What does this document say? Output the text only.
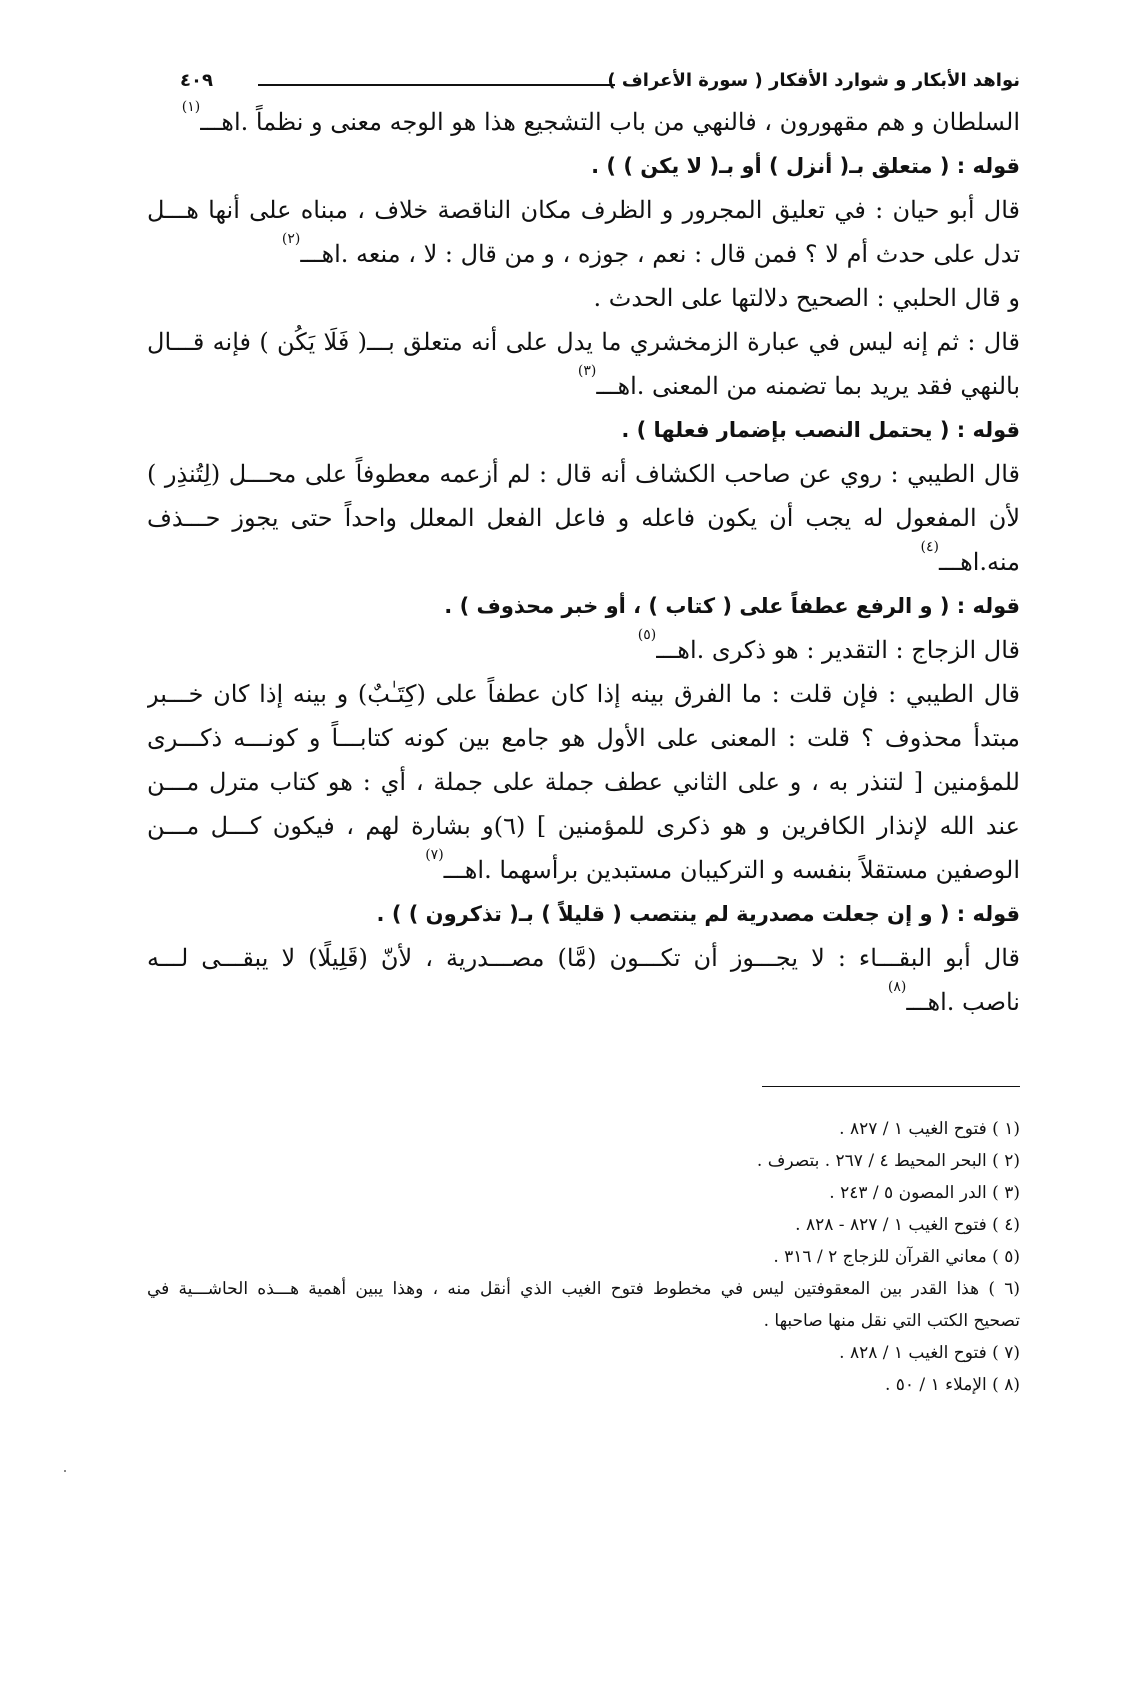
نواهد الأبكار و شوارد الأفكار ( سورة الأعراف )
٤٠٩
السلطان و هم مقهورون ، فالنهي من باب التشجيع هذا هو الوجه معنى و نظماً .اهـــ$^{(١)}$
قوله : ( متعلق بـ( أنزل ) أو بـ( لا يكن ) ) .
قال أبو حيان : في تعليق المجرور و الظرف مكان الناقصة خلاف ، مبناه على أنها هـــل
تدل على حدث أم لا ؟ فمن قال : نعم ، جوزه ، و من قال : لا ، منعه .اهـــ$^{(٢)}$
و قال الحلبي : الصحيح دلالتها على الحدث .
قال : ثم إنه ليس في عبارة الزمخشري ما يدل على أنه متعلق بـــ( فَلَا يَكُن ) فإنه قـــال
بالنهي فقد يريد بما تضمنه من المعنى .اهـــ$^{(٣)}$
قوله : ( يحتمل النصب بإضمار فعلها ) .
قال الطيبي : روي عن صاحب الكشاف أنه قال : لم أزعمه معطوفاً على محـــل (لِتُنذِر )
لأن المفعول له يجب أن يكون فاعله و فاعل الفعل المعلل واحداً حتى يجوز حـــذف
منه.اهـــ$^{(٤)}$
قوله : ( و الرفع عطفاً على ( كتاب ) ، أو خبر محذوف ) .
قال الزجاج : التقدير : هو ذكرى .اهـــ$^{(٥)}$
قال الطيبي : فإن قلت : ما الفرق بينه إذا كان عطفاً على (كِتَـٰبٌ) و بينه إذا كان خـــبر
مبتدأ محذوف ؟ قلت : المعنى على الأول هو جامع بين كونه كتابـــاً و كونـــه ذكـــرى
للمؤمنين [ لتنذر به ، و على الثاني عطف جملة على جملة ، أي : هو كتاب مترل مـــن
عند الله لإنذار الكافرين و هو ذكرى للمؤمنين ] (٦)و بشارة لهم ، فيكون كـــل مـــن
الوصفين مستقلاً بنفسه و التركيبان مستبدين برأسهما .اهـــ$^{(٧)}$
قوله : ( و إن جعلت مصدرية لم ينتصب ( قليلاً ) بـ( تذكرون ) ) .
قال أبو البقـــاء : لا يجـــوز أن تكـــون (مَّا) مصـــدرية ، لأنّ (قَلِيلًا) لا يبقـــى لـــه
ناصب .اهـــ$^{(٨)}$
(١ ) فتوح الغيب ١ / ٨٢٧ .
(٢ ) البحر المحيط ٤ / ٢٦٧ . بتصرف .
(٣ ) الدر المصون ٥ / ٢٤٣ .
(٤ ) فتوح الغيب ١ / ٨٢٧ - ٨٢٨ .
(٥ ) معاني القرآن للزجاج ٢ / ٣١٦ .
(٦ ) هذا القدر بين المعقوفتين ليس في مخطوط فتوح الغيب الذي أنقل منه ، وهذا يبين أهمية هـــذه الحاشـــية في
تصحيح الكتب التي نقل منها صاحبها .
(٧ ) فتوح الغيب ١ / ٨٢٨ .
(٨ ) الإملاء ١ / ٥٠ .
